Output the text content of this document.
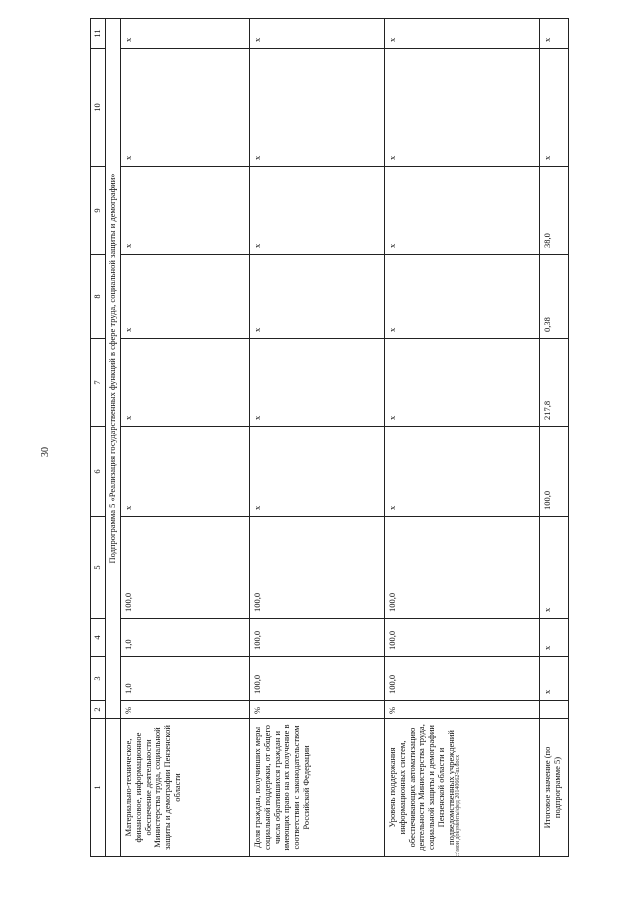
30
1	2	3	4	5	6	7	8	9	10	11
	Подпрограмма 5 «Реализация государственных функций в сфере труда, социальной защиты и демографии»									
Материально-техническое, финансовое, информационное обеспечение деятельности Министерства труда, социальной защиты и демографии Пензенской области	%	1,0	1,0	100,0	x	x	x	x	x	x
Доля граждан, получивших меры социальной поддержки, от общего числа обратившихся граждан и имеющих право на их получение в соответствии с законодательством Российской Федерации	%	100,0	100,0	100,0	x	x	x	x	x	x
Уровень поддержания информационных систем, обеспечивающих автоматизацию деятельности Министерства труда, социальной защиты и демографии Пензенской области и подведомственных учреждений	%	100,0	100,0	100,0	x	x	x	x	x	x
Итоговое значение (по подпрограмме 5)		x	x	x	100,0	217,8	0,38	38,0	x	x
c:\мои документы\фед 20140662-ш.docx
